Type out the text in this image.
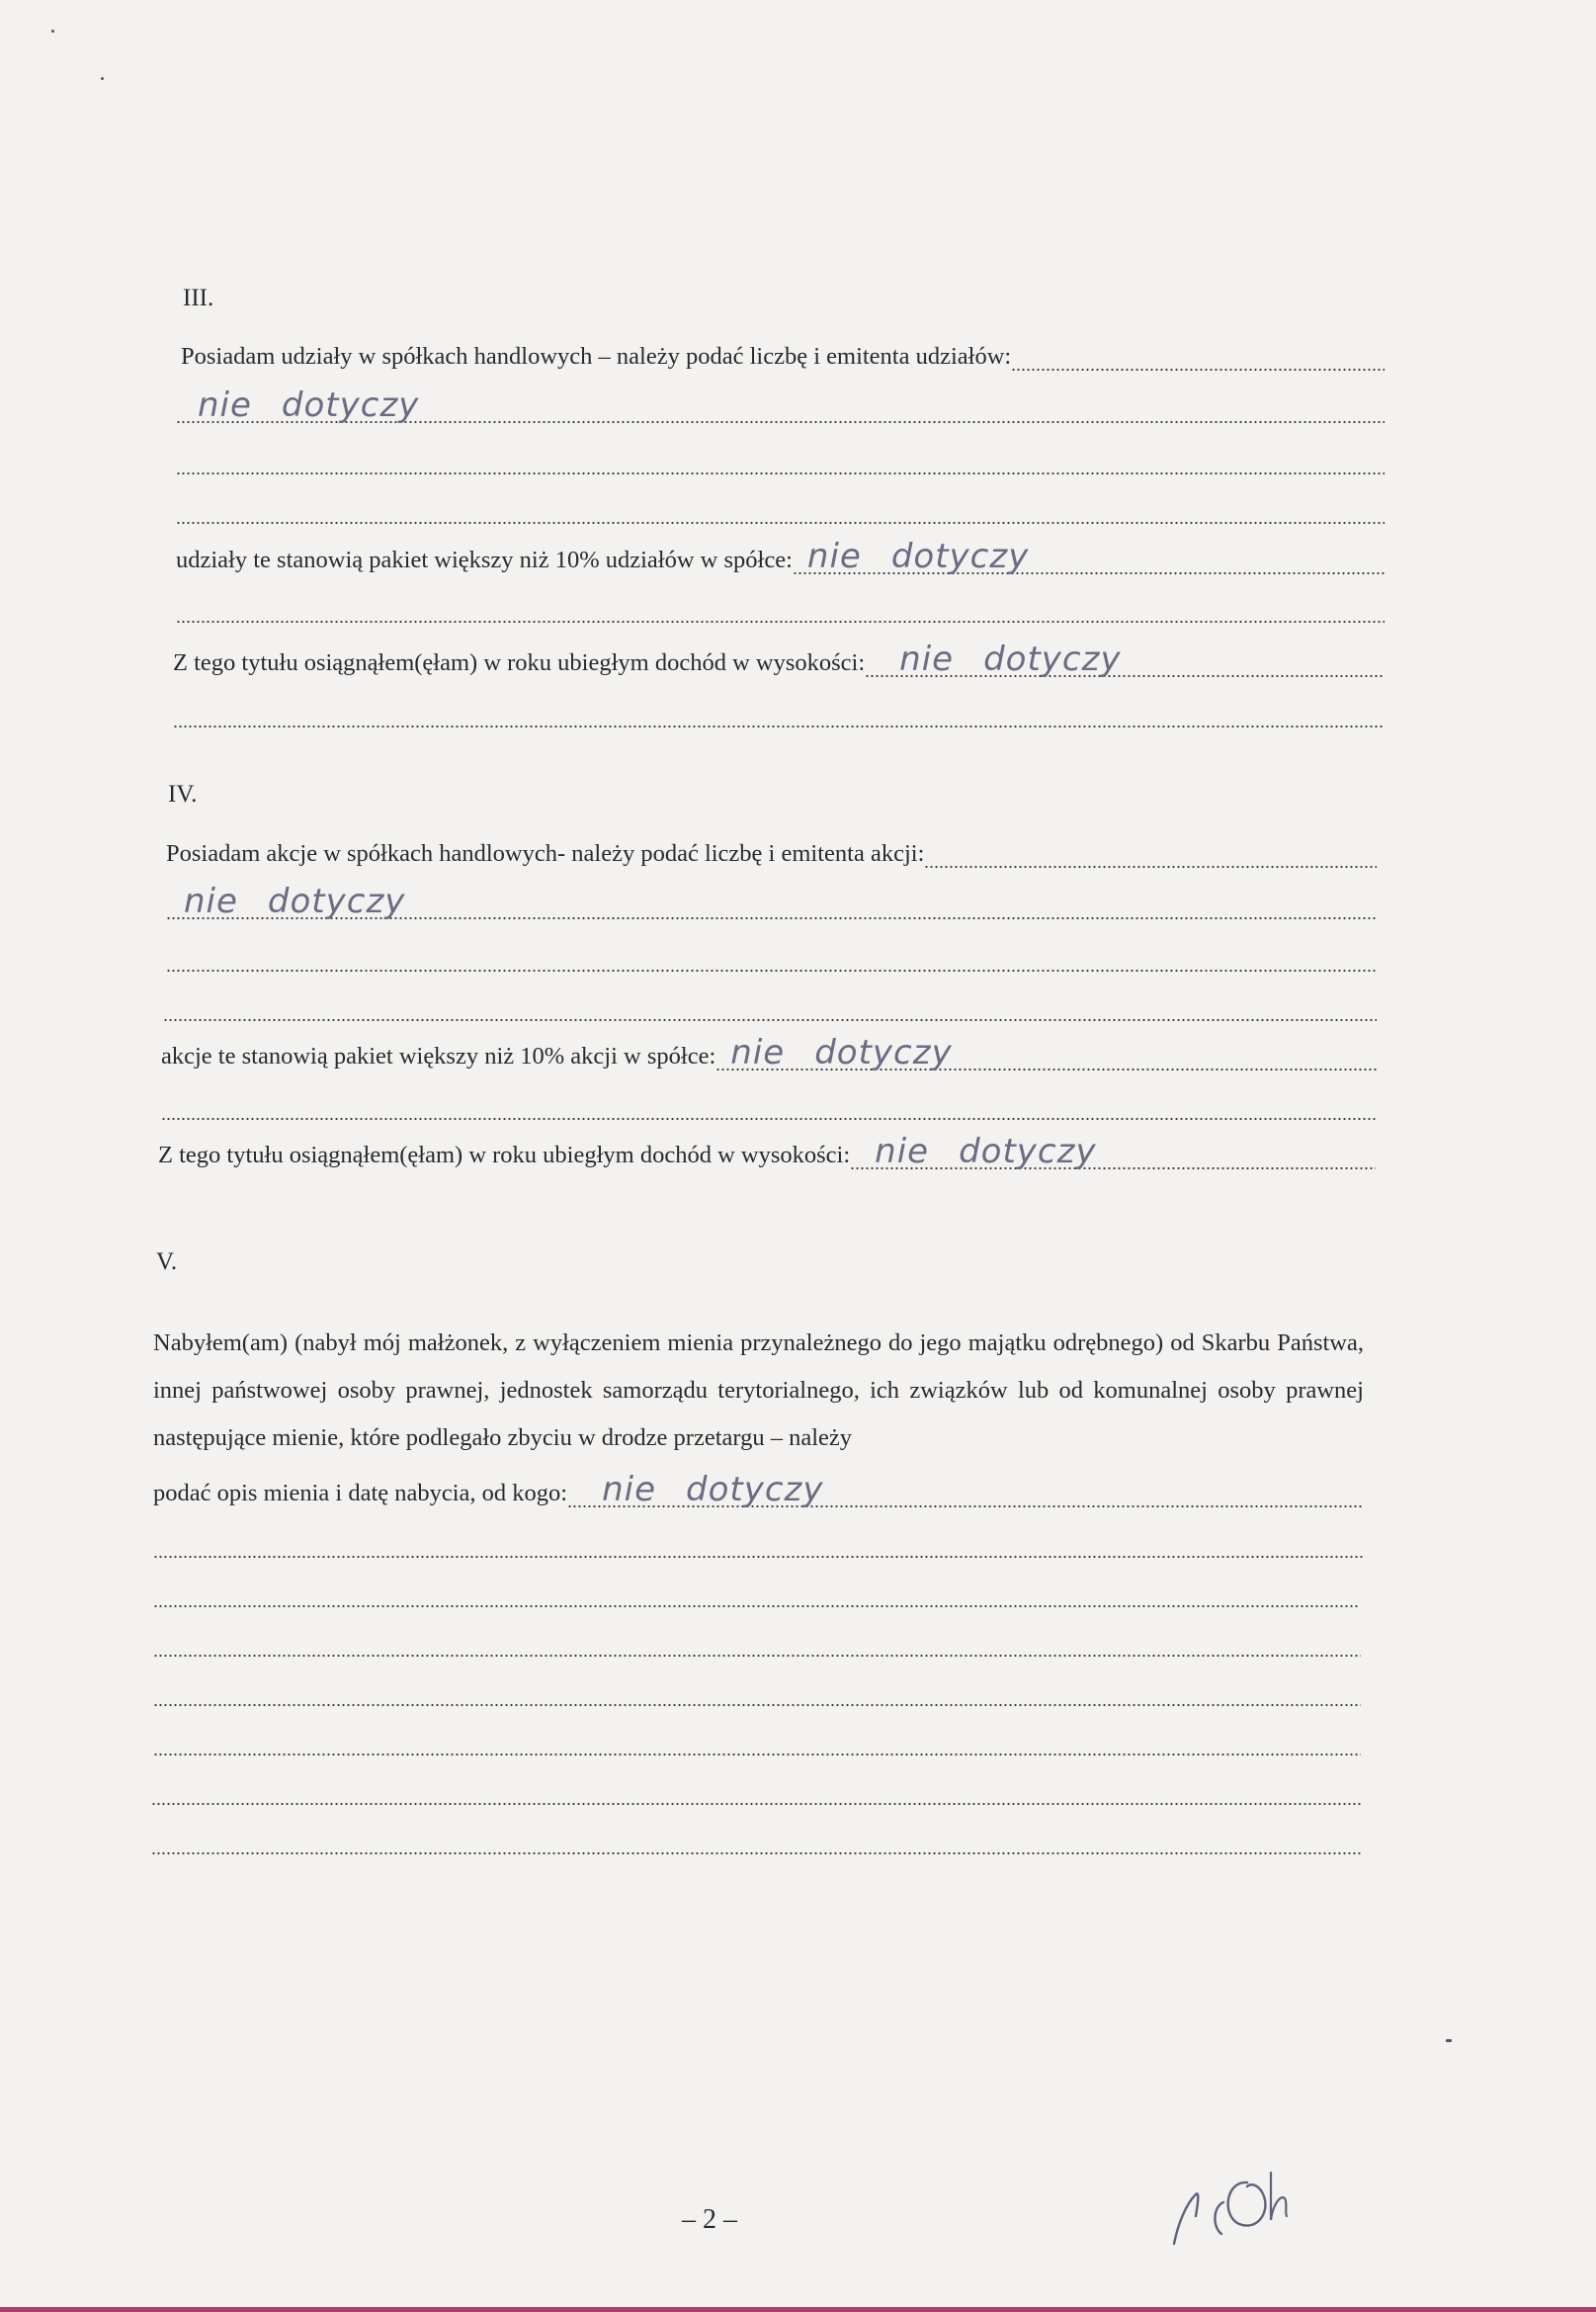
III.
Posiadam udziały w spółkach handlowych – należy podać liczbę i emitenta udziałów:
nie dotyczy
udziały te stanowią pakiet większy niż 10% udziałów w spółce: nie dotyczy
Z tego tytułu osiągnąłem(ęłam) w roku ubiegłym dochód w wysokości: nie dotyczy
IV.
Posiadam akcje w spółkach handlowych- należy podać liczbę i emitenta akcji:
nie dotyczy
akcje te stanowią pakiet większy niż 10% akcji w spółce: nie dotyczy
Z tego tytułu osiągnąłem(ęłam) w roku ubiegłym dochód w wysokości: nie dotyczy
V.
Nabyłem(am) (nabył mój małżonek, z wyłączeniem mienia przynależnego do jego majątku odrębnego) od Skarbu Państwa, innej państwowej osoby prawnej, jednostek samorządu terytorialnego, ich związków lub od komunalnej osoby prawnej następujące mienie, które podlegało zbyciu w drodze przetargu – należy
podać opis mienia i datę nabycia, od kogo: nie dotyczy
– 2 –
